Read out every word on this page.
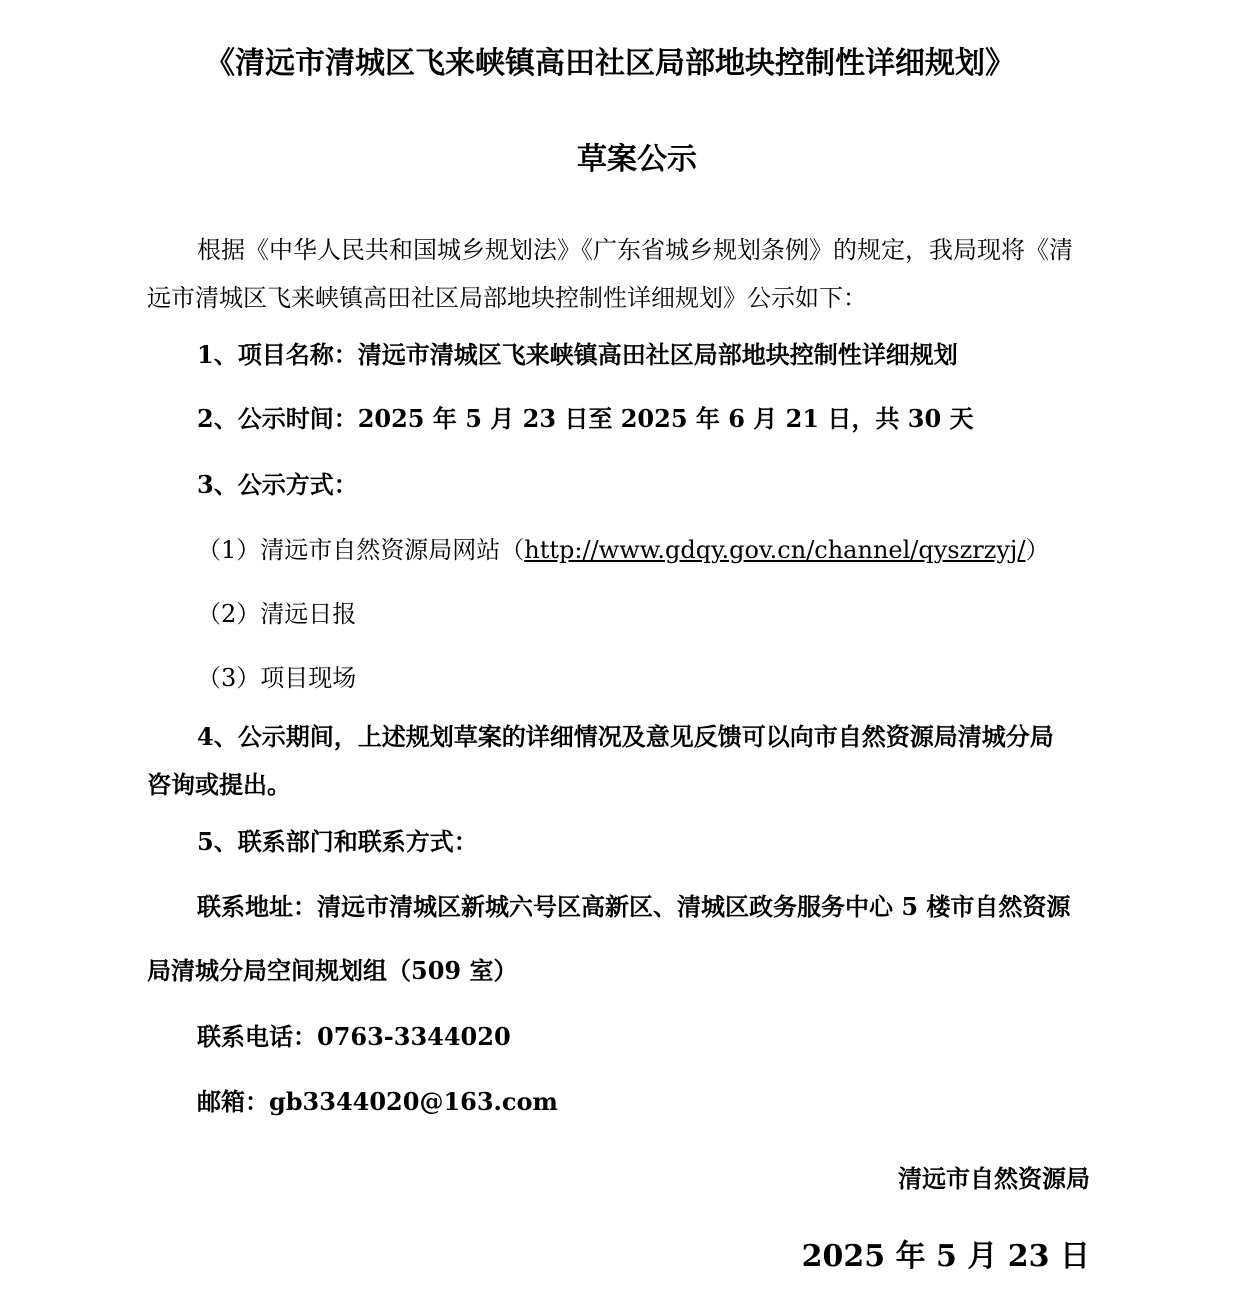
《清远市清城区飞来峡镇高田社区局部地块控制性详细规划》
草案公示
根据《中华人民共和国城乡规划法》《广东省城乡规划条例》的规定，我局现将《清
远市清城区飞来峡镇高田社区局部地块控制性详细规划》公示如下：
1、项目名称：清远市清城区飞来峡镇高田社区局部地块控制性详细规划
2、公示时间：2025 年 5 月 23 日至 2025 年 6 月 21 日，共 30 天
3、公示方式：
（1）清远市自然资源局网站（http://www.gdqy.gov.cn/channel/qyszrzyj/）
（2）清远日报
（3）项目现场
4、公示期间，上述规划草案的详细情况及意见反馈可以向市自然资源局清城分局
咨询或提出。
5、联系部门和联系方式：
联系地址：清远市清城区新城六号区高新区、清城区政务服务中心 5 楼市自然资源
局清城分局空间规划组（509 室）
联系电话：0763-3344020
邮箱：gb3344020@163.com
清远市自然资源局
2025 年 5 月 23 日
